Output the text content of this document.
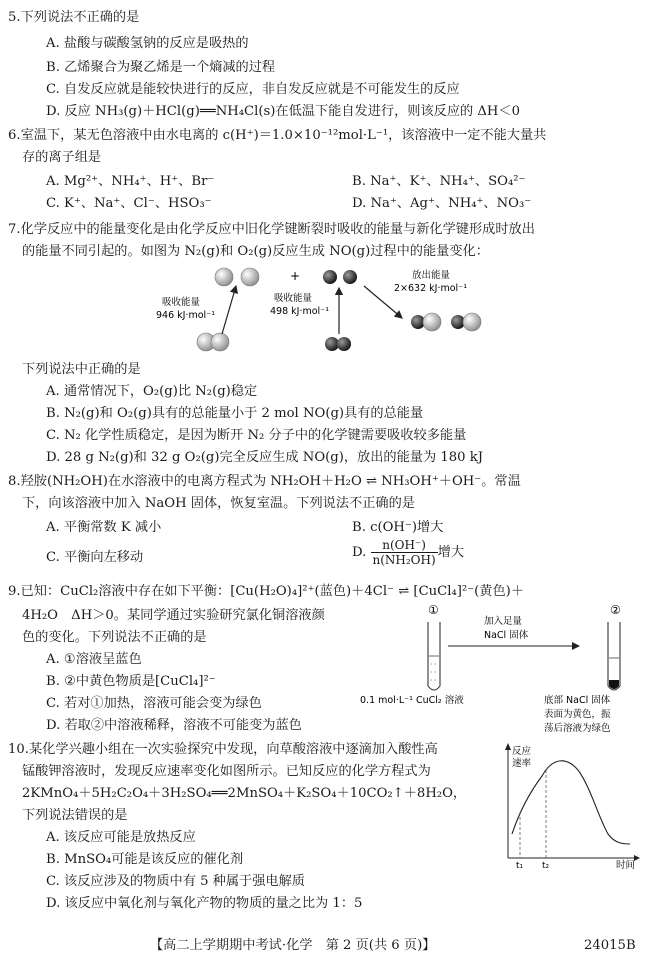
5.下列说法不正确的是
A. 盐酸与碳酸氢钠的反应是吸热的
B. 乙烯聚合为聚乙烯是一个熵减的过程
C. 自发反应就是能较快进行的反应，非自发反应就是不可能发生的反应
D. 反应 NH₃(g)＋HCl(g)══NH₄Cl(s)在低温下能自发进行，则该反应的 ΔH＜0
6.室温下，某无色溶液中由水电离的 c(H⁺)＝1.0×10⁻¹²mol·L⁻¹，该溶液中一定不能大量共
存的离子组是
A. Mg²⁺、NH₄⁺、H⁺、Br⁻	B. Na⁺、K⁺、NH₄⁺、SO₄²⁻
C. K⁺、Na⁺、Cl⁻、HSO₃⁻	D. Na⁺、Ag⁺、NH₄⁺、NO₃⁻
7.化学反应中的能量变化是由化学反应中旧化学键断裂时吸收的能量与新化学键形成时放出
的能量不同引起的。如图为 N₂(g)和 O₂(g)反应生成 NO(g)过程中的能量变化：
+
吸收能量
946 kJ·mol⁻¹
吸收能量
498 kJ·mol⁻¹
放出能量
2×632 kJ·mol⁻¹
下列说法中正确的是
A. 通常情况下，O₂(g)比 N₂(g)稳定
B. N₂(g)和 O₂(g)具有的总能量小于 2 mol NO(g)具有的总能量
C. N₂ 化学性质稳定，是因为断开 N₂ 分子中的化学键需要吸收较多能量
D. 28 g N₂(g)和 32 g O₂(g)完全反应生成 NO(g)，放出的能量为 180 kJ
8.羟胺(NH₂OH)在水溶液中的电离方程式为 NH₂OH＋H₂O ⇌ NH₃OH⁺＋OH⁻。常温
下，向该溶液中加入 NaOH 固体，恢复室温。下列说法不正确的是
A. 平衡常数 K 减小	B. c(OH⁻)增大
C. 平衡向左移动	D. $\frac{n(OH^-)}{\text{n(NH₂OH)}}$ 增大
9.已知：CuCl₂溶液中存在如下平衡：[Cu(H₂O)₄]²⁺(蓝色)＋4Cl⁻ ⇌ [CuCl₄]²⁻(黄色)＋
4H₂O　ΔH＞0。某同学通过实验研究氯化铜溶液颜
色的变化。下列说法不正确的是
A. ①溶液呈蓝色
B. ②中黄色物质是[CuCl₄]²⁻
C. 若对①加热，溶液可能会变为绿色
D. 若取②中溶液稀释，溶液不可能变为蓝色
①	②
加入足量
NaCl 固体
0.1 mol·L⁻¹ CuCl₂ 溶液	底部 NaCl 固体
表面为黄色，振
荡后溶液为绿色
10.某化学兴趣小组在一次实验探究中发现，向草酸溶液中逐滴加入酸性高
锰酸钾溶液时，发现反应速率变化如图所示。已知反应的化学方程式为
2KMnO₄＋5H₂C₂O₄＋3H₂SO₄══2MnSO₄＋K₂SO₄＋10CO₂↑＋8H₂O，
下列说法错误的是
A. 该反应可能是放热反应
B. MnSO₄可能是该反应的催化剂
C. 该反应涉及的物质中有 5 种属于强电解质
D. 该反应中氧化剂与氧化产物的物质的量之比为 1：5
反应
速率
t₁ t₂	时间
【高二上学期期中考试·化学　第 2 页(共 6 页)】	24015B
